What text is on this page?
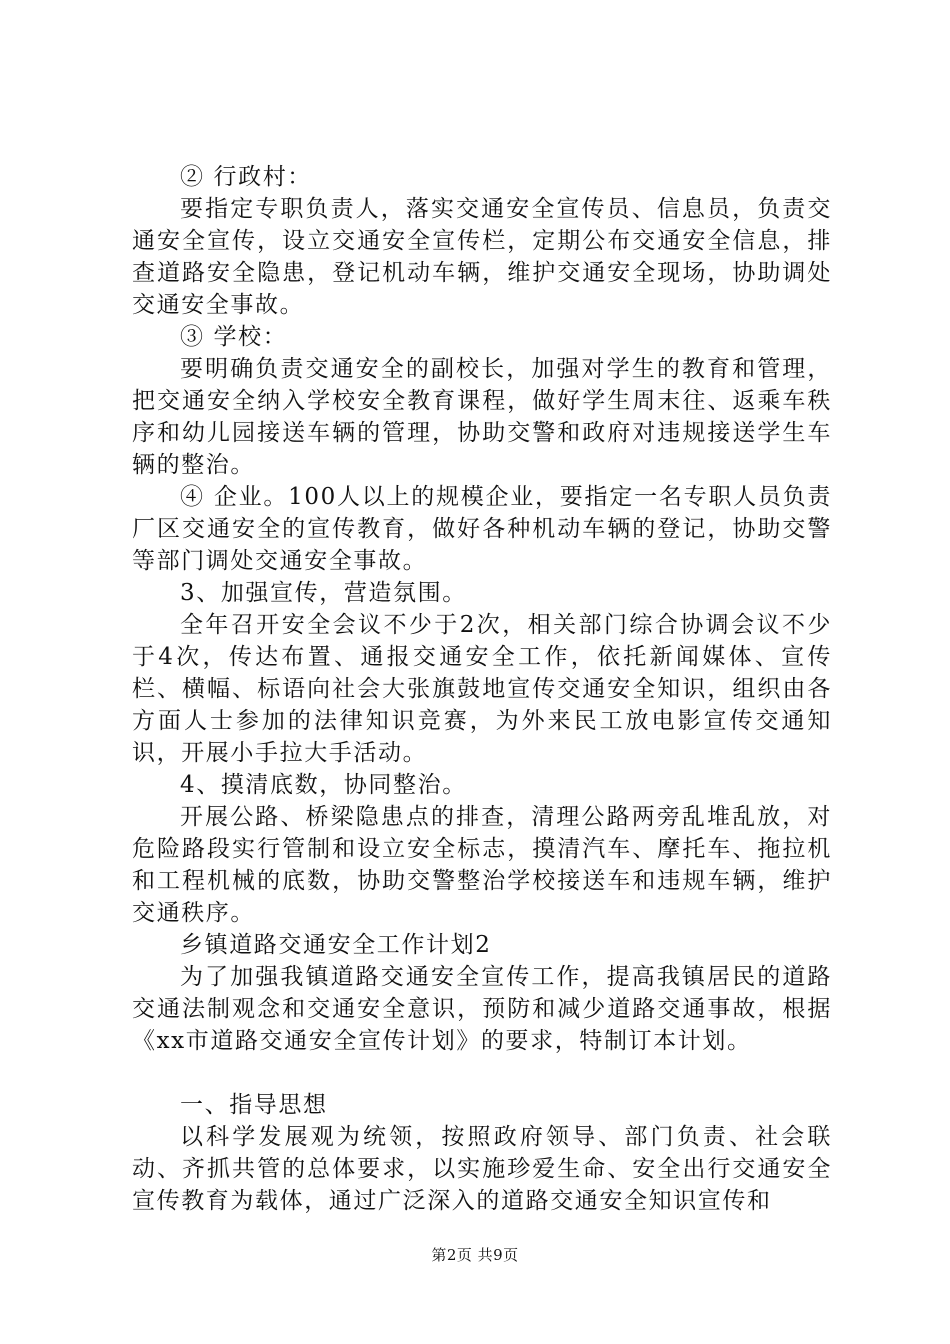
② 行政村：

要指定专职负责人，落实交通安全宣传员、信息员，负责交通安全宣传，设立交通安全宣传栏，定期公布交通安全信息，排查道路安全隐患，登记机动车辆，维护交通安全现场，协助调处交通安全事故。

③ 学校：

要明确负责交通安全的副校长，加强对学生的教育和管理，把交通安全纳入学校安全教育课程，做好学生周末往、返乘车秩序和幼儿园接送车辆的管理，协助交警和政府对违规接送学生车辆的整治。

④ 企业。100人以上的规模企业，要指定一名专职人员负责厂区交通安全的宣传教育，做好各种机动车辆的登记，协助交警等部门调处交通安全事故。

3、加强宣传，营造氛围。

全年召开安全会议不少于2次，相关部门综合协调会议不少于4次，传达布置、通报交通安全工作，依托新闻媒体、宣传栏、横幅、标语向社会大张旗鼓地宣传交通安全知识，组织由各方面人士参加的法律知识竞赛，为外来民工放电影宣传交通知识，开展小手拉大手活动。

4、摸清底数，协同整治。

开展公路、桥梁隐患点的排查，清理公路两旁乱堆乱放，对危险路段实行管制和设立安全标志，摸清汽车、摩托车、拖拉机和工程机械的底数，协助交警整治学校接送车和违规车辆，维护交通秩序。

乡镇道路交通安全工作计划2

为了加强我镇道路交通安全宣传工作，提高我镇居民的道路交通法制观念和交通安全意识，预防和减少道路交通事故，根据《xx市道路交通安全宣传计划》的要求，特制订本计划。

一、指导思想

以科学发展观为统领，按照政府领导、部门负责、社会联动、齐抓共管的总体要求，以实施珍爱生命、安全出行交通安全宣传教育为载体，通过广泛深入的道路交通安全知识宣传和

第2页 共9页
